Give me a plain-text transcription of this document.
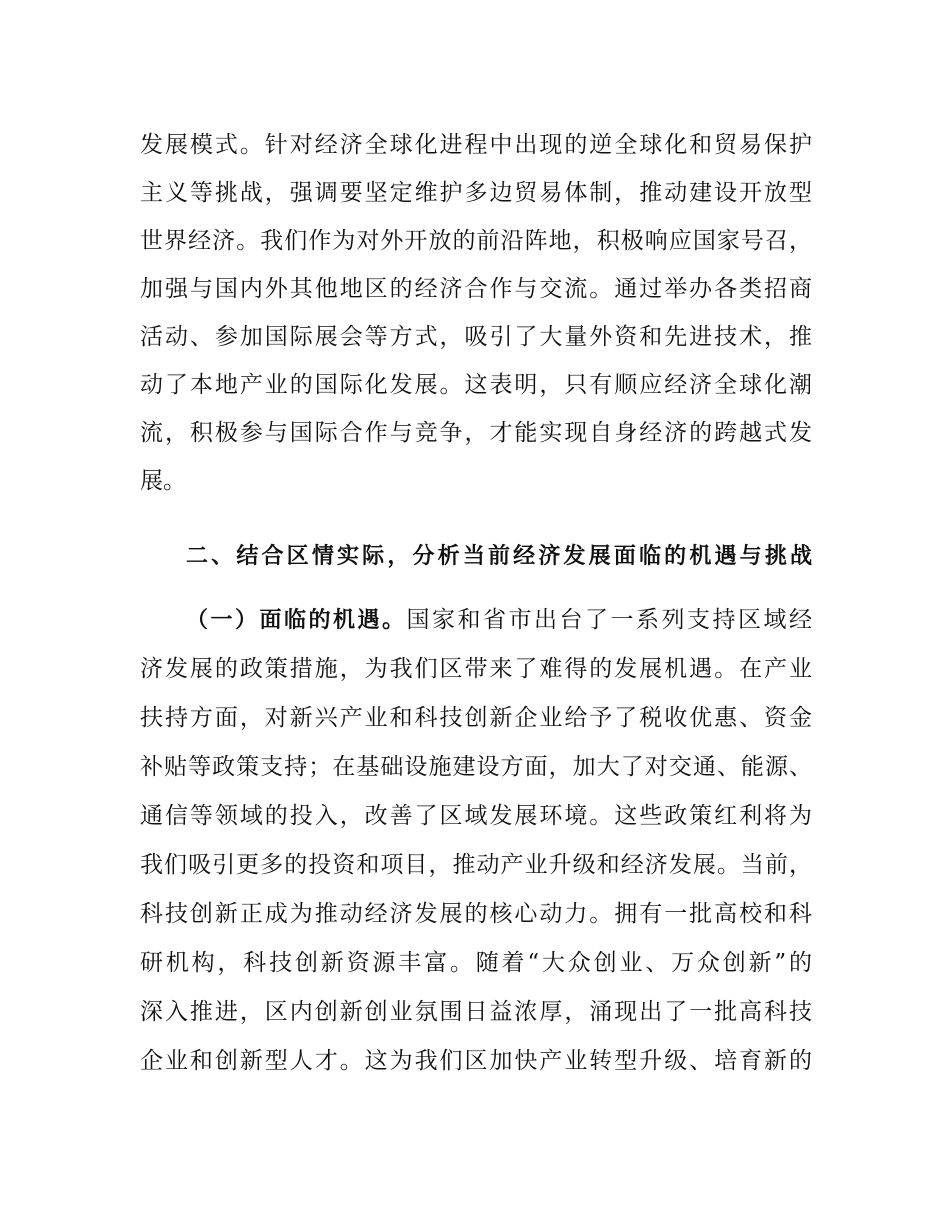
发展模式。针对经济全球化进程中出现的逆全球化和贸易保护
主义等挑战，强调要坚定维护多边贸易体制，推动建设开放型
世界经济。我们作为对外开放的前沿阵地，积极响应国家号召，
加强与国内外其他地区的经济合作与交流。通过举办各类招商
活动、参加国际展会等方式，吸引了大量外资和先进技术，推
动了本地产业的国际化发展。这表明，只有顺应经济全球化潮
流，积极参与国际合作与竞争，才能实现自身经济的跨越式发
展。
二、结合区情实际，分析当前经济发展面临的机遇与挑战
（一）面临的机遇。国家和省市出台了一系列支持区域经
济发展的政策措施，为我们区带来了难得的发展机遇。在产业
扶持方面，对新兴产业和科技创新企业给予了税收优惠、资金
补贴等政策支持；在基础设施建设方面，加大了对交通、能源、
通信等领域的投入，改善了区域发展环境。这些政策红利将为
我们吸引更多的投资和项目，推动产业升级和经济发展。当前，
科技创新正成为推动经济发展的核心动力。拥有一批高校和科
研机构，科技创新资源丰富。随着“大众创业、万众创新”的
深入推进，区内创新创业氛围日益浓厚，涌现出了一批高科技
企业和创新型人才。这为我们区加快产业转型升级、培育新的
